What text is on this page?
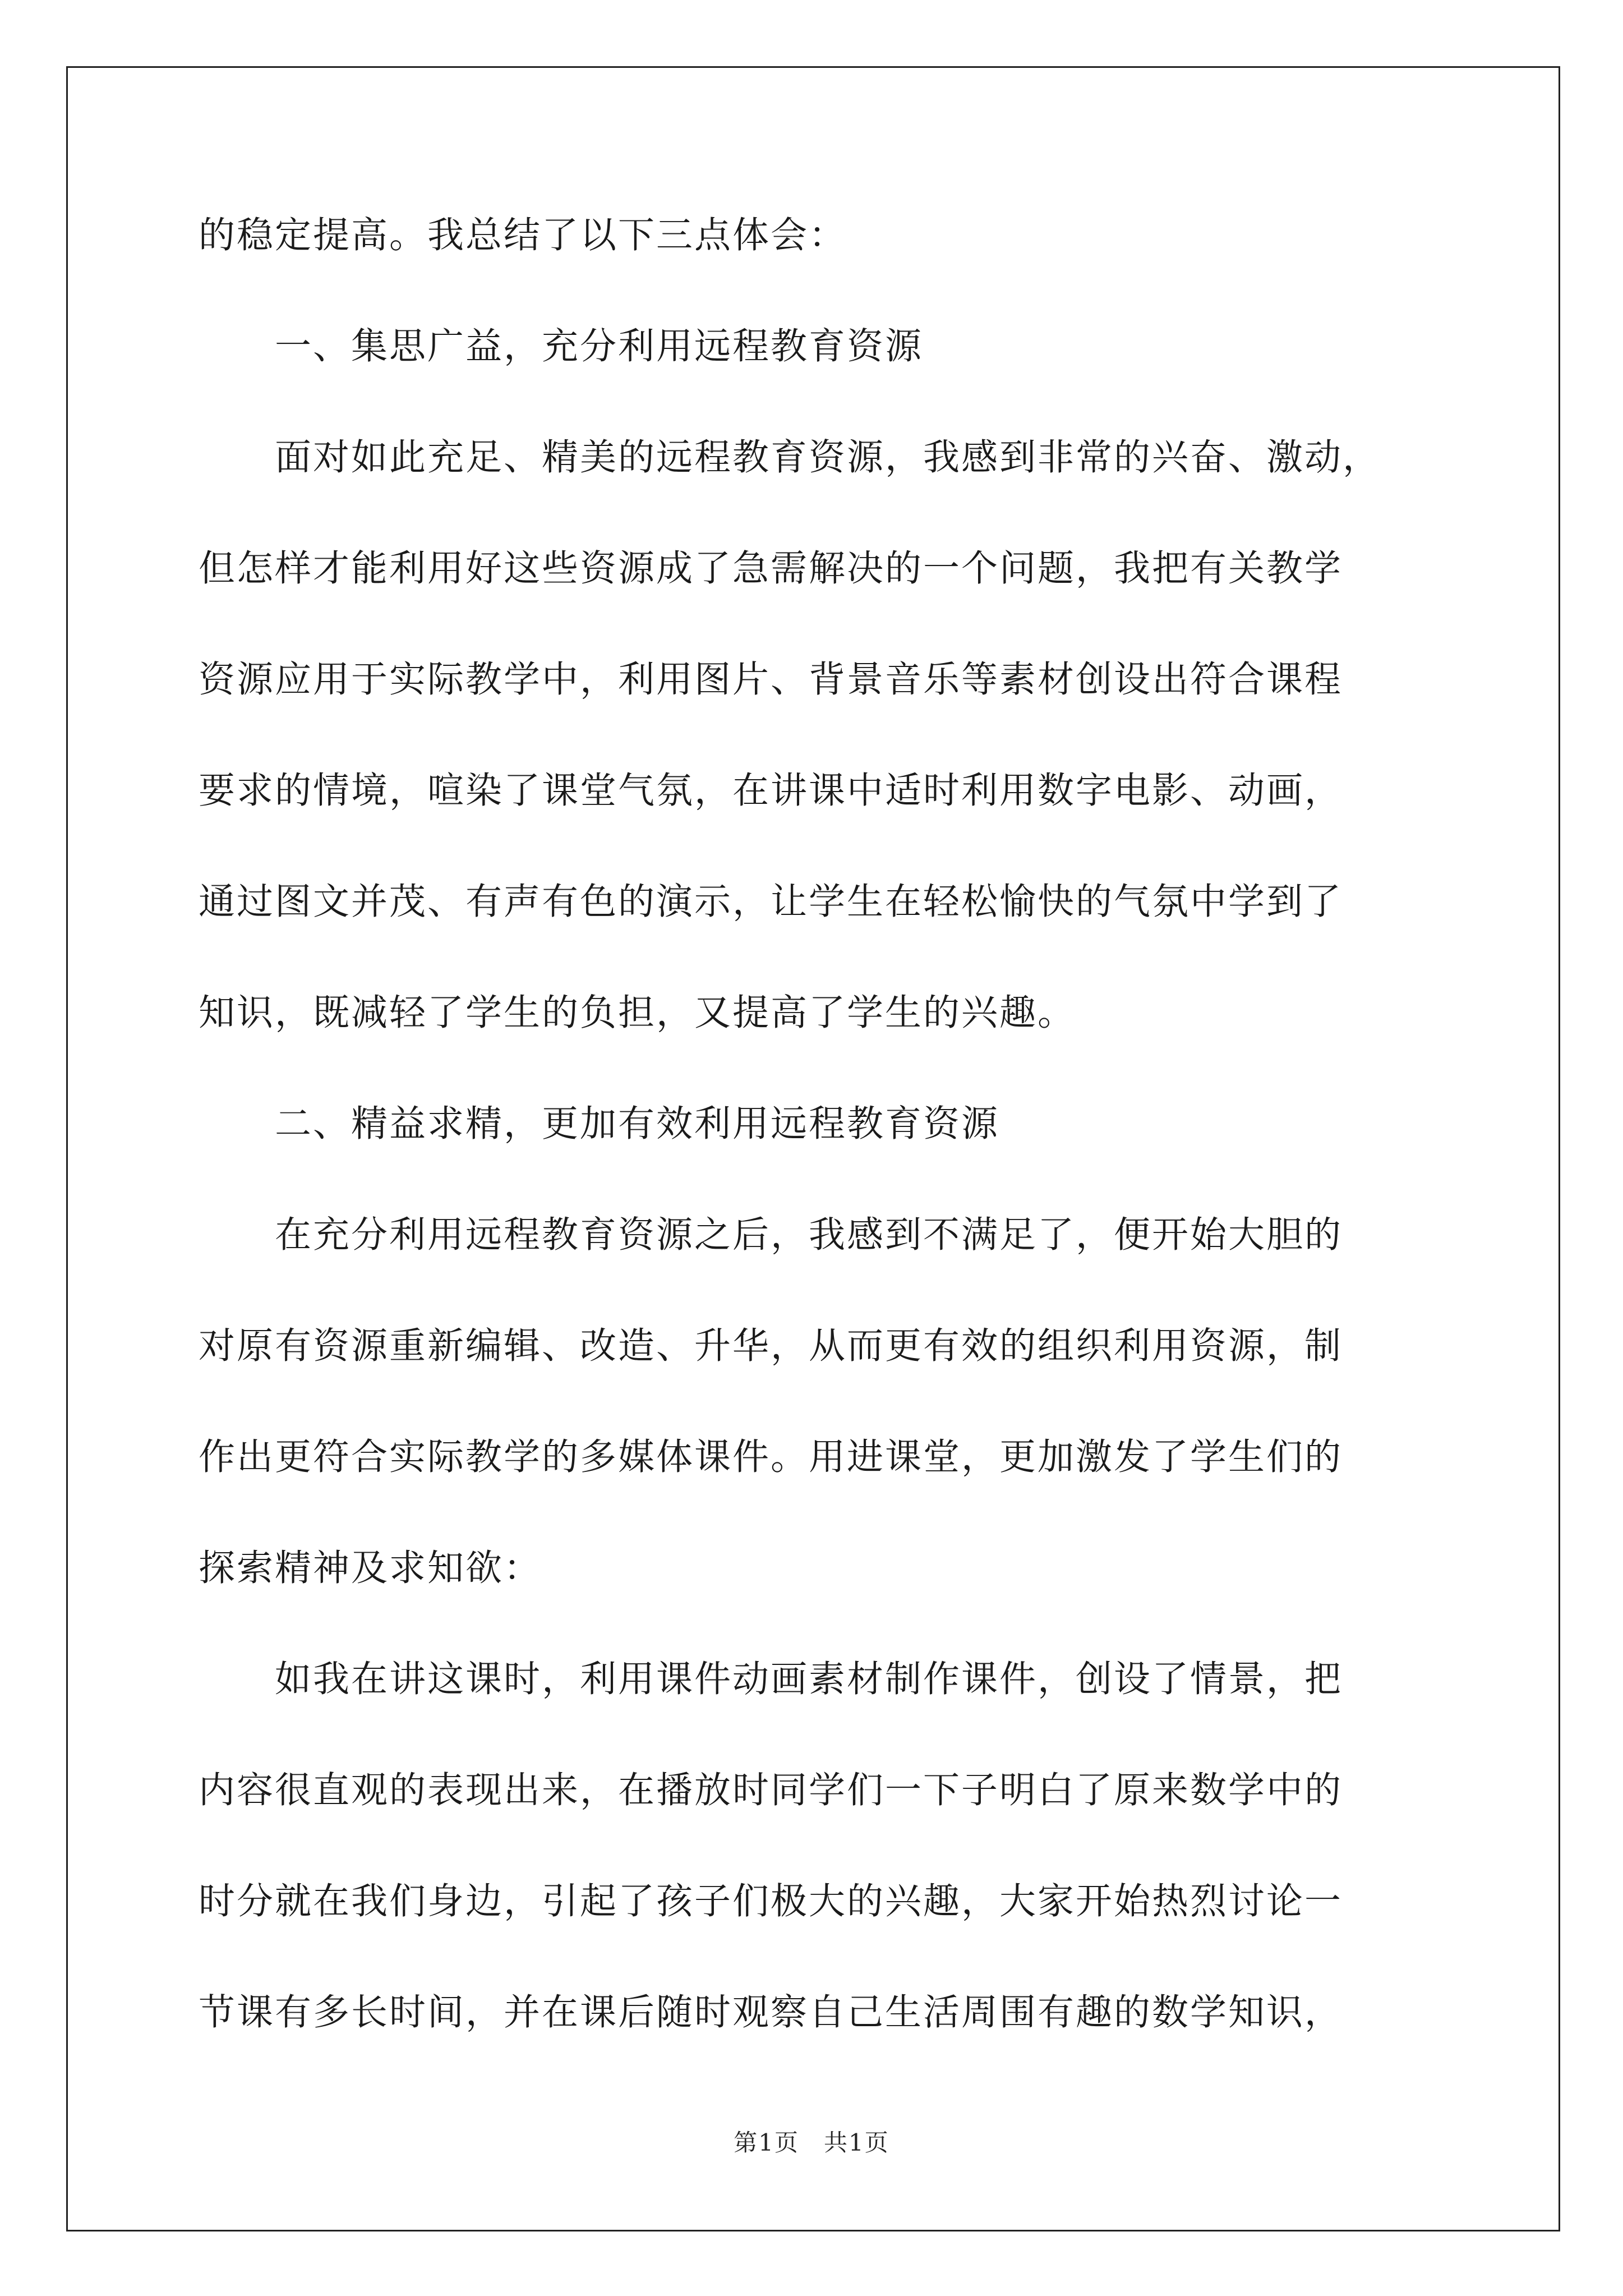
的稳定提高。我总结了以下三点体会：
　　一、集思广益，充分利用远程教育资源
　　面对如此充足、精美的远程教育资源，我感到非常的兴奋、激动，
但怎样才能利用好这些资源成了急需解决的一个问题，我把有关教学
资源应用于实际教学中，利用图片、背景音乐等素材创设出符合课程
要求的情境，喧染了课堂气氛，在讲课中适时利用数字电影、动画，
通过图文并茂、有声有色的演示，让学生在轻松愉快的气氛中学到了
知识，既减轻了学生的负担，又提高了学生的兴趣。
　　二、精益求精，更加有效利用远程教育资源
　　在充分利用远程教育资源之后，我感到不满足了，便开始大胆的
对原有资源重新编辑、改造、升华，从而更有效的组织利用资源，制
作出更符合实际教学的多媒体课件。用进课堂，更加激发了学生们的
探索精神及求知欲：
　　如我在讲这课时，利用课件动画素材制作课件，创设了情景，把
内容很直观的表现出来，在播放时同学们一下子明白了原来数学中的
时分就在我们身边，引起了孩子们极大的兴趣，大家开始热烈讨论一
节课有多长时间，并在课后随时观察自己生活周围有趣的数学知识，
第1页　共1页
